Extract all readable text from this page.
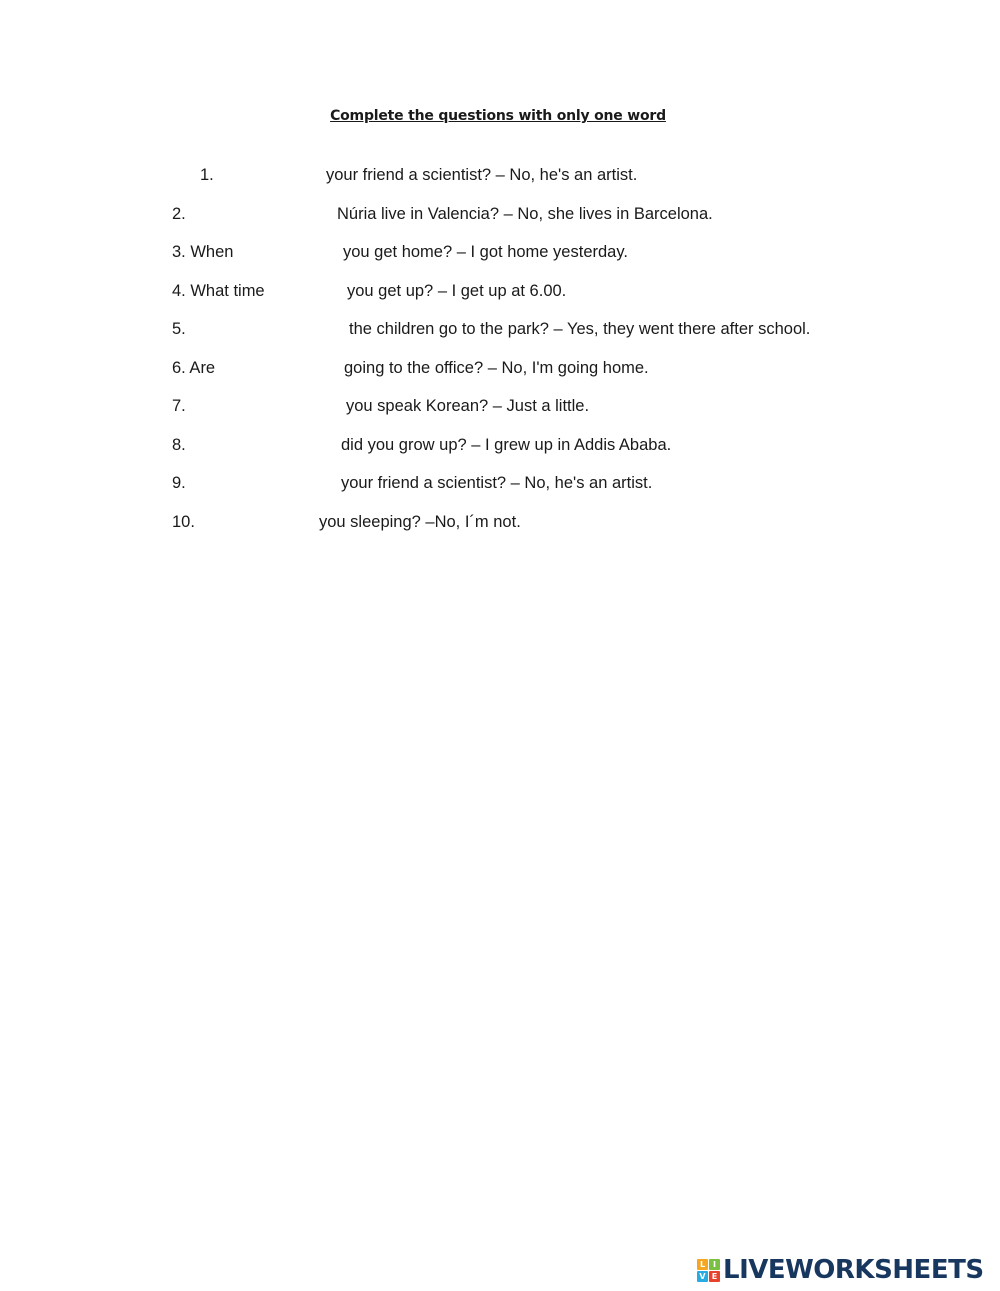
Complete the questions with only one word
1.	your friend a scientist? – No, he's an artist.
2.	Núria live in Valencia? – No, she lives in Barcelona.
3. When	you get home? – I got home yesterday.
4. What time	you get up? – I get up at 6.00.
5.	the children go to the park? – Yes, they went there after school.
6. Are	going to the office? – No, I'm going home.
7.	you speak Korean? – Just a little.
8.	did you grow up? – I grew up in Addis Ababa.
9.	your friend a scientist? – No, he's an artist.
10.	you sleeping? –No, I´m not.
L I
V E LIVEWORKSHEETS
